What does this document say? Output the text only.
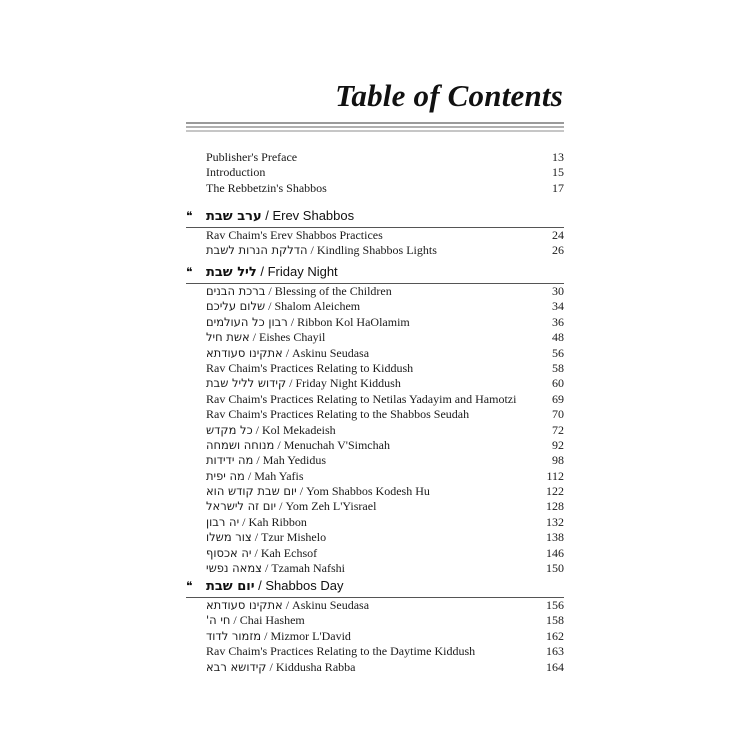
Table of Contents
Publisher's Preface	13
Introduction	15
The Rebbetzin's Shabbos	17
❝ ערב שבת / Erev Shabbos
Rav Chaim's Erev Shabbos Practices	24
הדלקת הנרות לשבת / Kindling Shabbos Lights	26
❝ ליל שבת / Friday Night
ברכת הבנים / Blessing of the Children	30
שלום עליכם / Shalom Aleichem	34
רבון כל העולמים / Ribbon Kol HaOlamim	36
אשת חיל / Eishes Chayil	48
אתקינו סעודתא / Askinu Seudasa	56
Rav Chaim's Practices Relating to Kiddush	58
קידוש לליל שבת / Friday Night Kiddush	60
Rav Chaim's Practices Relating to Netilas Yadayim and Hamotzi	69
Rav Chaim's Practices Relating to the Shabbos Seudah	70
כל מקדש / Kol Mekadeish	72
מנוחה ושמחה / Menuchah V'Simchah	92
מה ידידות / Mah Yedidus	98
מה יפית / Mah Yafis	112
יום שבת קודש הוא / Yom Shabbos Kodesh Hu	122
יום זה לישראל / Yom Zeh L'Yisrael	128
יה רבון / Kah Ribbon	132
צור משלו / Tzur Mishelo	138
יה אכסוף / Kah Echsof	146
צמאה נפשי / Tzamah Nafshi	150
❝ יום שבת / Shabbos Day
אתקינו סעודתא / Askinu Seudasa	156
חי ה' / Chai Hashem	158
מזמור לדוד / Mizmor L'David	162
Rav Chaim's Practices Relating to the Daytime Kiddush	163
קידושא רבא / Kiddusha Rabba	164
